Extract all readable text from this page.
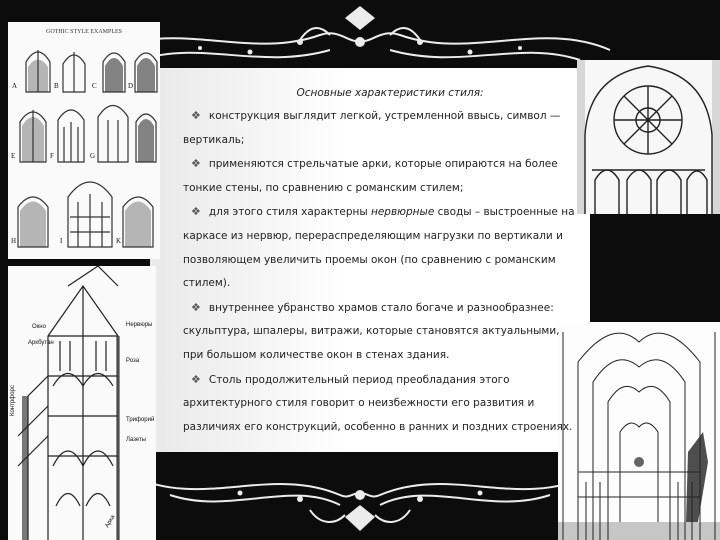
GOTHIC STYLE EXAMPLES
Нервюры
Окно
Аркбутан
Роза
Трифорий
Лазеты
Контрфорс
Арка
Основные характеристики стиля:

❖ конструкция выглядит легкой, устремленной ввысь, символ — вертикаль;

❖ применяются стрельчатые арки, которые опираются на более тонкие стены, по сравнению с романским стилем;

❖ для этого стиля характерны нервюрные своды – выстроенные на каркасе из нервюр, перераспределяющим нагрузки по вертикали и позволяющем увеличить проемы окон (по сравнению с романским стилем).

❖ внутреннее убранство храмов стало богаче и разнообразнее: скульптура, шпалеры, витражи, которые становятся актуальными, при большом количестве окон в стенах здания.

❖ Столь продолжительный период преобладания этого архитектурного стиля говорит о неизбежности его развития и различиях его конструкций, особенно в ранних и поздних строениях.

A	B	C	D
E	F	G
H	I	K
